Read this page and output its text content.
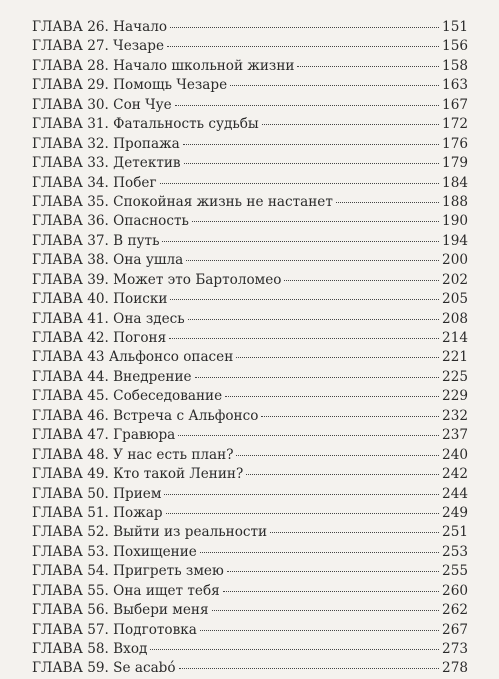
ГЛАВА 26. Начало	151
ГЛАВА 27. Чезаре	156
ГЛАВА 28. Начало школьной жизни	158
ГЛАВА 29. Помощь Чезаре	163
ГЛАВА 30. Сон Чуе	167
ГЛАВА 31. Фатальность судьбы	172
ГЛАВА 32. Пропажа	176
ГЛАВА 33. Детектив	179
ГЛАВА 34. Побег	184
ГЛАВА 35. Спокойная жизнь не настанет	188
ГЛАВА 36. Опасность	190
ГЛАВА 37. В путь	194
ГЛАВА 38. Она ушла	200
ГЛАВА 39. Может это Бартоломео	202
ГЛАВА 40. Поиски	205
ГЛАВА 41. Она здесь	208
ГЛАВА 42. Погоня	214
ГЛАВА 43 Альфонсо опасен	221
ГЛАВА 44. Внедрение	225
ГЛАВА 45. Собеседование	229
ГЛАВА 46. Встреча с Альфонсо	232
ГЛАВА 47. Гравюра	237
ГЛАВА 48. У нас есть план?	240
ГЛАВА 49. Кто такой Ленин?	242
ГЛАВА 50. Прием	244
ГЛАВА 51. Пожар	249
ГЛАВА 52. Выйти из реальности	251
ГЛАВА 53. Похищение	253
ГЛАВА 54. Пригреть змею	255
ГЛАВА 55. Она ищет тебя	260
ГЛАВА 56. Выбери меня	262
ГЛАВА 57. Подготовка	267
ГЛАВА 58. Вход	273
ГЛАВА 59. Se acabó	278
